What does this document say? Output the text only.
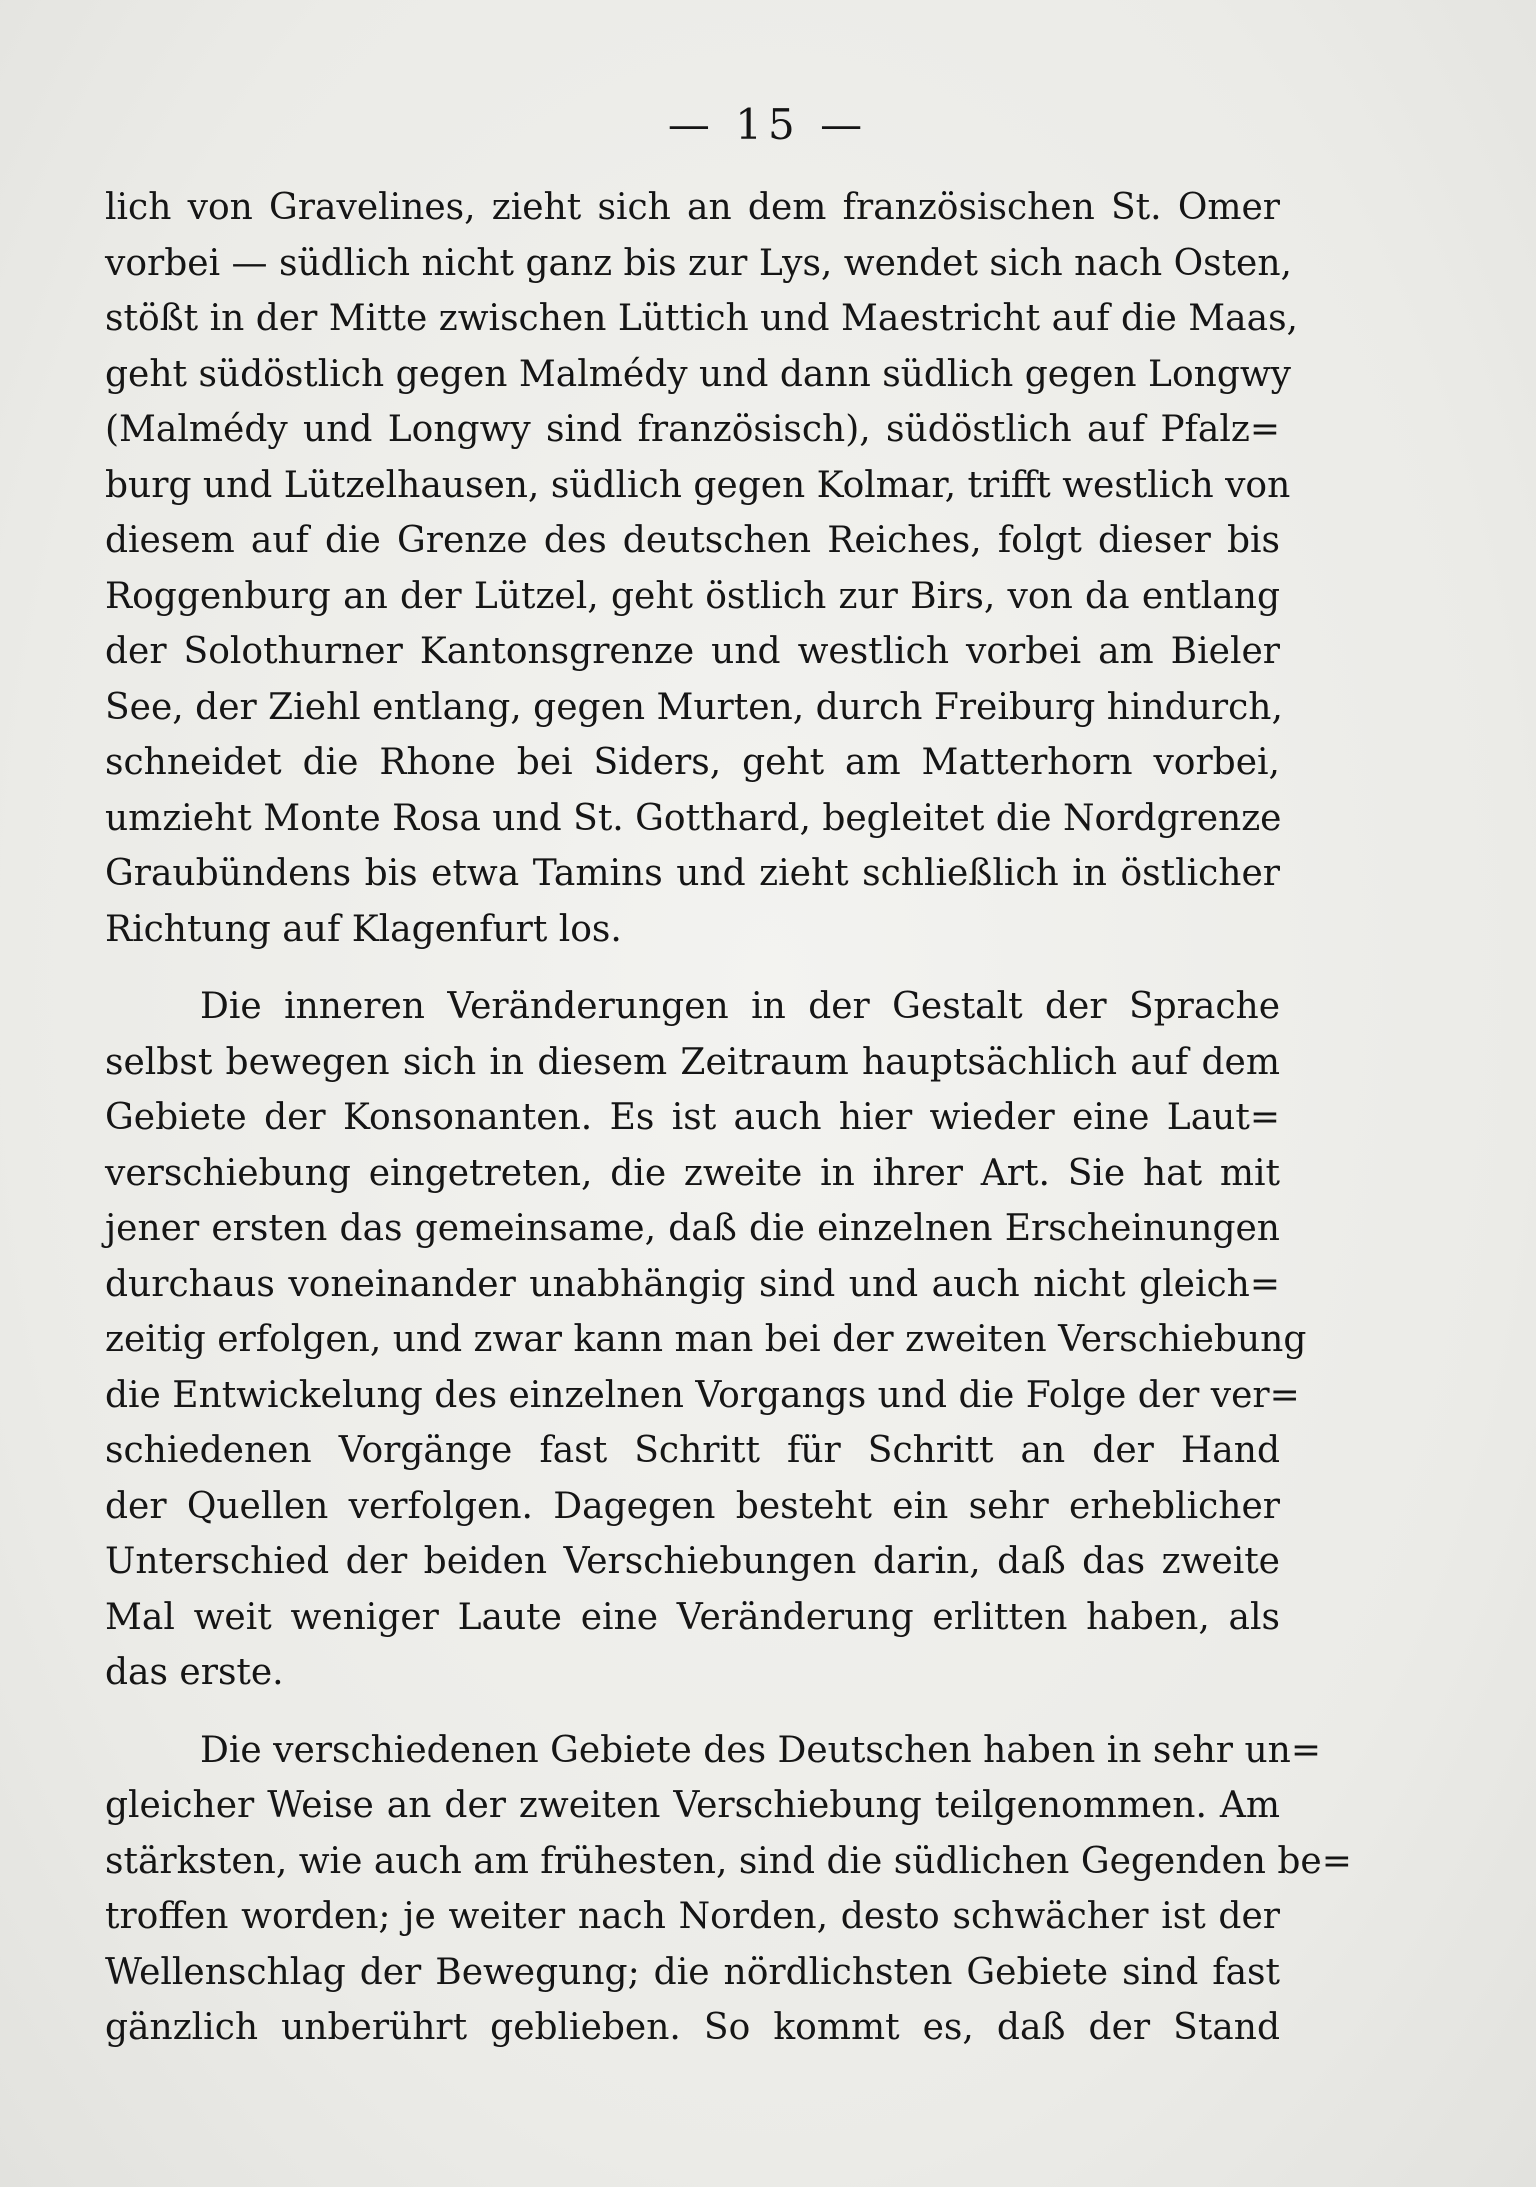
— 15 —
lich von Gravelines, zieht sich an dem französischen St. Omer
vorbei — südlich nicht ganz bis zur Lys, wendet sich nach Osten,
stößt in der Mitte zwischen Lüttich und Maestricht auf die Maas,
geht südöstlich gegen Malmédy und dann südlich gegen Longwy
(Malmédy und Longwy sind französisch), südöstlich auf Pfalz=
burg und Lützelhausen, südlich gegen Kolmar, trifft westlich von
diesem auf die Grenze des deutschen Reiches, folgt dieser bis
Roggenburg an der Lützel, geht östlich zur Birs, von da entlang
der Solothurner Kantonsgrenze und westlich vorbei am Bieler
See, der Ziehl entlang, gegen Murten, durch Freiburg hindurch,
schneidet die Rhone bei Siders, geht am Matterhorn vorbei,
umzieht Monte Rosa und St. Gotthard, begleitet die Nordgrenze
Graubündens bis etwa Tamins und zieht schließlich in östlicher
Richtung auf Klagenfurt los.
Die inneren Veränderungen in der Gestalt der Sprache
selbst bewegen sich in diesem Zeitraum hauptsächlich auf dem
Gebiete der Konsonanten. Es ist auch hier wieder eine Laut=
verschiebung eingetreten, die zweite in ihrer Art. Sie hat mit
jener ersten das gemeinsame, daß die einzelnen Erscheinungen
durchaus voneinander unabhängig sind und auch nicht gleich=
zeitig erfolgen, und zwar kann man bei der zweiten Verschiebung
die Entwickelung des einzelnen Vorgangs und die Folge der ver=
schiedenen Vorgänge fast Schritt für Schritt an der Hand
der Quellen verfolgen. Dagegen besteht ein sehr erheblicher
Unterschied der beiden Verschiebungen darin, daß das zweite
Mal weit weniger Laute eine Veränderung erlitten haben, als
das erste.
Die verschiedenen Gebiete des Deutschen haben in sehr un=
gleicher Weise an der zweiten Verschiebung teilgenommen. Am
stärksten, wie auch am frühesten, sind die südlichen Gegenden be=
troffen worden; je weiter nach Norden, desto schwächer ist der
Wellenschlag der Bewegung; die nördlichsten Gebiete sind fast
gänzlich unberührt geblieben. So kommt es, daß der Stand
